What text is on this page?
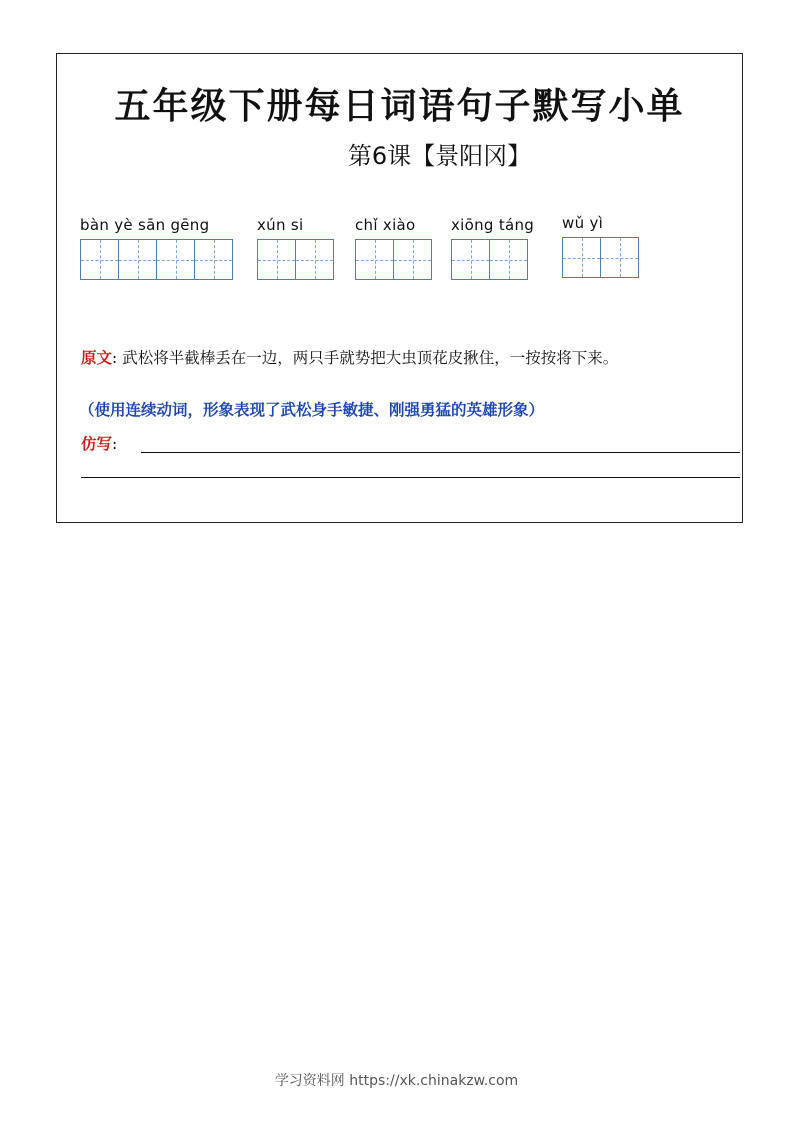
五年级下册每日词语句子默写小单
第6课【景阳冈】
bàn yè sān gēng	xún si	chǐ xiào	xiōng táng wǔ yì
原文: 武松将半截棒丢在一边，两只手就势把大虫顶花皮揪住，一按按将下来。
（使用连续动词，形象表现了武松身手敏捷、刚强勇猛的英雄形象）
仿写:
学习资料网 https://xk.chinakzw.com
